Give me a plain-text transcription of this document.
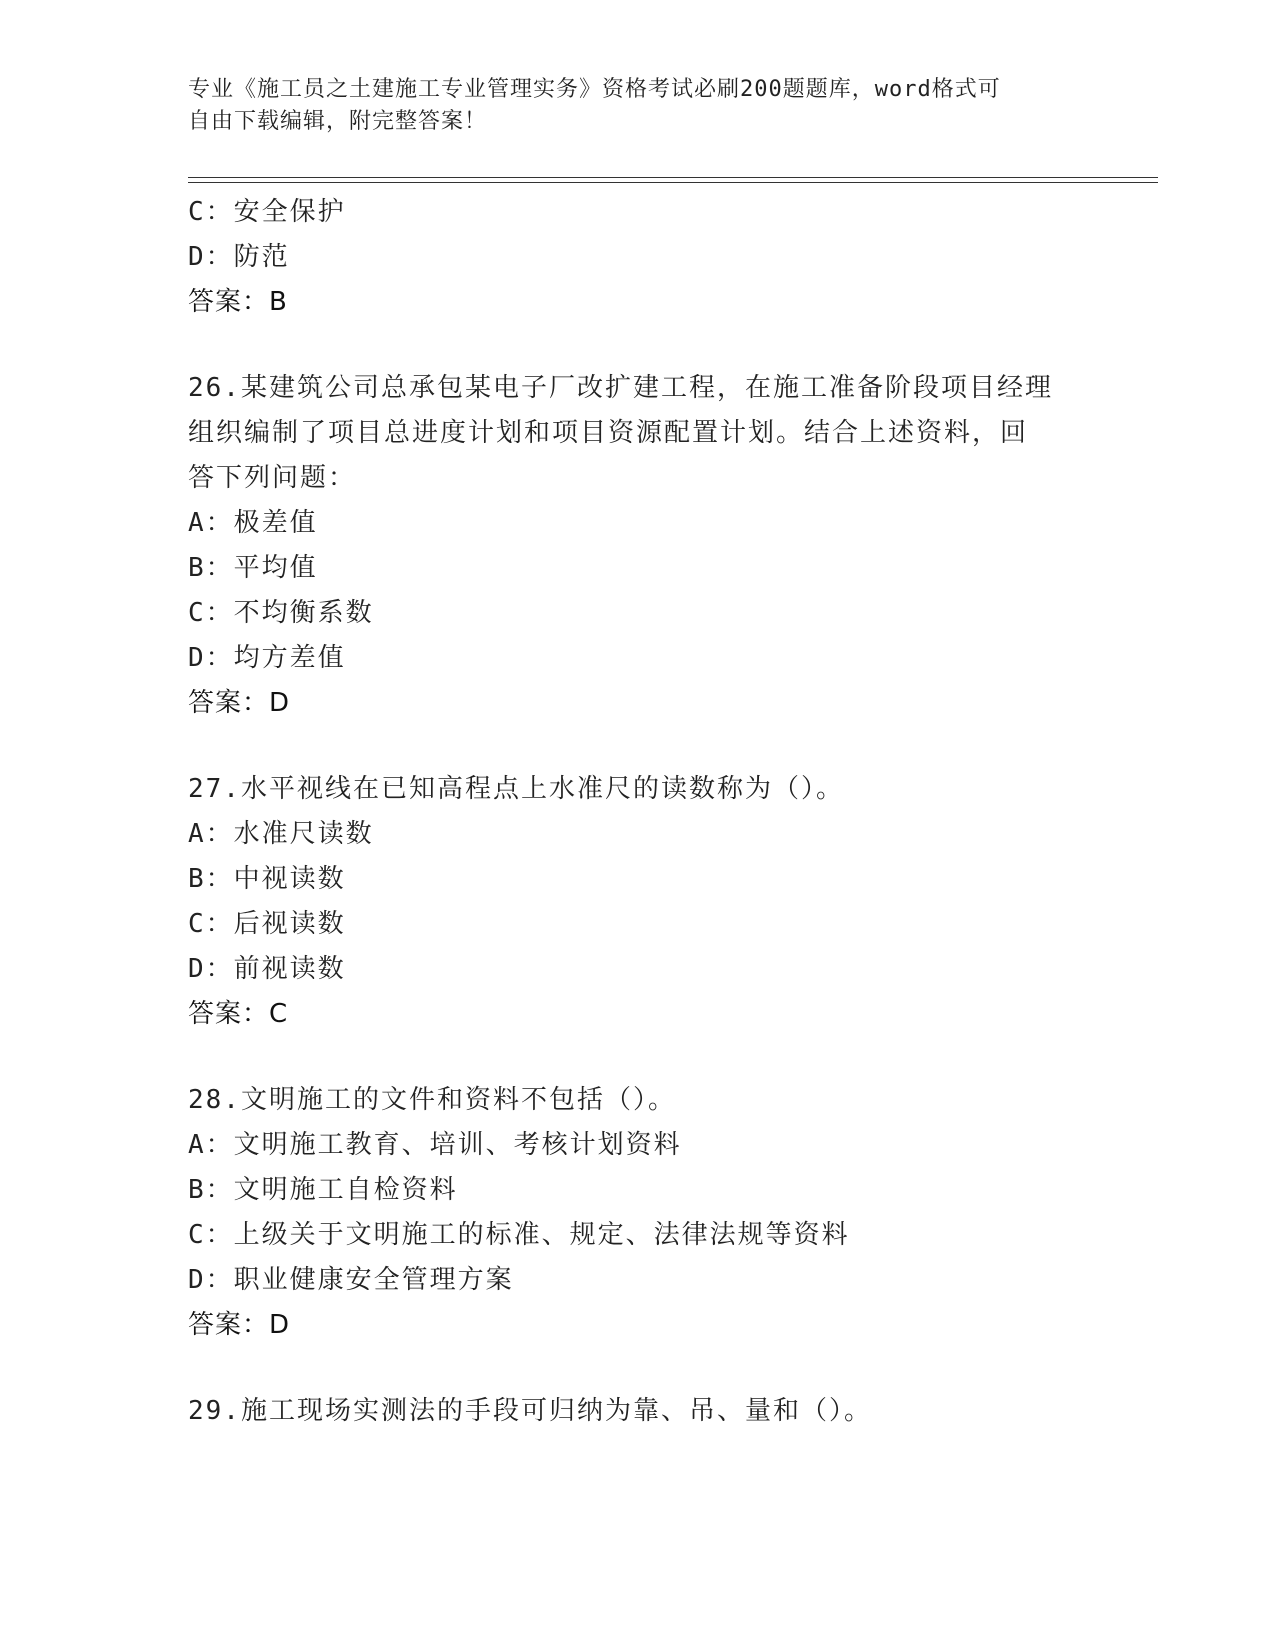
专业《施工员之土建施工专业管理实务》资格考试必刷200题题库，word格式可
自由下载编辑，附完整答案！
C：安全保护
D：防范
答案：B
26.某建筑公司总承包某电子厂改扩建工程，在施工准备阶段项目经理
组织编制了项目总进度计划和项目资源配置计划。结合上述资料，回
答下列问题：
A：极差值
B：平均值
C：不均衡系数
D：均方差值
答案：D
27.水平视线在已知高程点上水准尺的读数称为（）。
A：水准尺读数
B：中视读数
C：后视读数
D：前视读数
答案：C
28.文明施工的文件和资料不包括（）。
A：文明施工教育、培训、考核计划资料
B：文明施工自检资料
C：上级关于文明施工的标准、规定、法律法规等资料
D：职业健康安全管理方案
答案：D
29.施工现场实测法的手段可归纳为靠、吊、量和（）。
